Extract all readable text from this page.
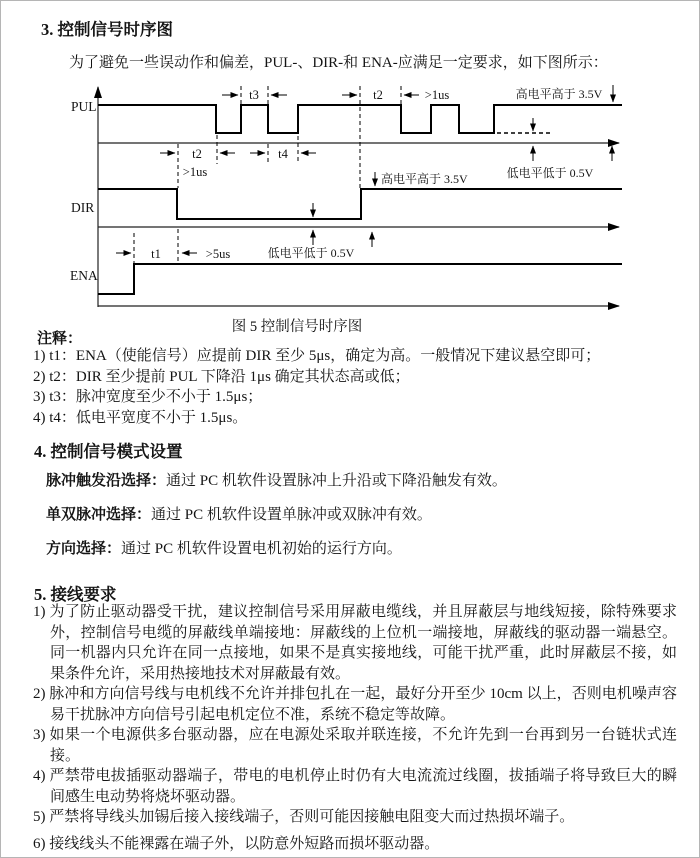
3. 控制信号时序图
为了避免一些误动作和偏差，PUL-、DIR-和 ENA-应满足一定要求，如下图所示：
PUL
DIR
ENA
t3	t2	>1us	高电平高于 3.5V
t2
>1us
t4
低电平低于 0.5V
高电平高于 3.5V
低电平低于 0.5V
t1	>5us
图 5 控制信号时序图
注释：
1) t1：ENA（使能信号）应提前 DIR 至少 5μs，确定为高。一般情况下建议悬空即可；
2) t2：DIR 至少提前 PUL 下降沿 1μs 确定其状态高或低；
3) t3：脉冲宽度至少不小于 1.5μs；
4) t4：低电平宽度不小于 1.5μs。
4. 控制信号模式设置
脉冲触发沿选择：通过 PC 机软件设置脉冲上升沿或下降沿触发有效。
单双脉冲选择：通过 PC 机软件设置单脉冲或双脉冲有效。
方向选择：通过 PC 机软件设置电机初始的运行方向。
5. 接线要求
1) 为了防止驱动器受干扰，建议控制信号采用屏蔽电缆线，并且屏蔽层与地线短接，除特殊要求外，控制信号电缆的屏蔽线单端接地：屏蔽线的上位机一端接地，屏蔽线的驱动器一端悬空。同一机器内只允许在同一点接地，如果不是真实接地线，可能干扰严重，此时屏蔽层不接，如果条件允许，采用热接地技术对屏蔽最有效。
2) 脉冲和方向信号线与电机线不允许并排包扎在一起，最好分开至少 10cm 以上，否则电机噪声容易干扰脉冲方向信号引起电机定位不准，系统不稳定等故障。
3) 如果一个电源供多台驱动器，应在电源处采取并联连接，不允许先到一台再到另一台链状式连接。
4) 严禁带电拔插驱动器端子，带电的电机停止时仍有大电流流过线圈，拔插端子将导致巨大的瞬间感生电动势将烧坏驱动器。
5) 严禁将导线头加锡后接入接线端子，否则可能因接触电阻变大而过热损坏端子。
6) 接线线头不能裸露在端子外，以防意外短路而损坏驱动器。
